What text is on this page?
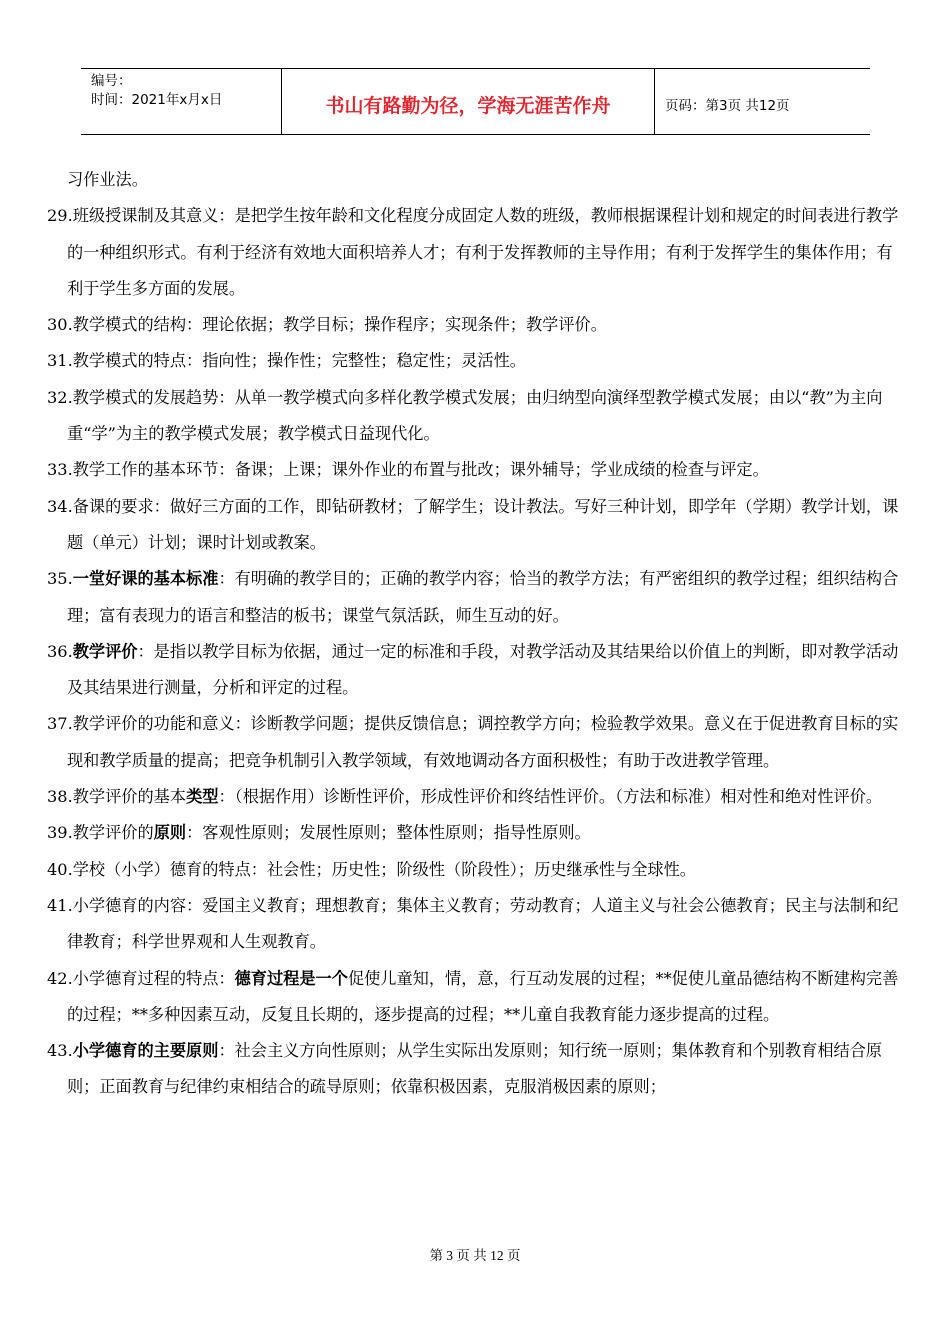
编号：
时间：2021年x月x日	书山有路勤为径，学海无涯苦作舟	页码：第3页 共12页

习作业法。

29.班级授课制及其意义：是把学生按年龄和文化程度分成固定人数的班级，教师根据课程计划和规定的时间表进行教学的一种组织形式。有利于经济有效地大面积培养人才；有利于发挥教师的主导作用；有利于发挥学生的集体作用；有利于学生多方面的发展。

30.教学模式的结构：理论依据；教学目标；操作程序；实现条件；教学评价。

31.教学模式的特点：指向性；操作性；完整性；稳定性；灵活性。

32.教学模式的发展趋势：从单一教学模式向多样化教学模式发展；由归纳型向演绎型教学模式发展；由以“教”为主向重“学”为主的教学模式发展；教学模式日益现代化。

33.教学工作的基本环节：备课；上课；课外作业的布置与批改；课外辅导；学业成绩的检查与评定。

34.备课的要求：做好三方面的工作，即钻研教材；了解学生；设计教法。写好三种计划，即学年（学期）教学计划，课题（单元）计划；课时计划或教案。

35.一堂好课的基本标准：有明确的教学目的；正确的教学内容；恰当的教学方法；有严密组织的教学过程；组织结构合理；富有表现力的语言和整洁的板书；课堂气氛活跃，师生互动的好。

36.教学评价：是指以教学目标为依据，通过一定的标准和手段，对教学活动及其结果给以价值上的判断，即对教学活动及其结果进行测量，分析和评定的过程。

37.教学评价的功能和意义：诊断教学问题；提供反馈信息；调控教学方向；检验教学效果。意义在于促进教育目标的实现和教学质量的提高；把竞争机制引入教学领域，有效地调动各方面积极性；有助于改进教学管理。

38.教学评价的基本类型：（根据作用）诊断性评价，形成性评价和终结性评价。（方法和标准）相对性和绝对性评价。

39.教学评价的原则：客观性原则；发展性原则；整体性原则；指导性原则。

40.学校（小学）德育的特点：社会性；历史性；阶级性（阶段性）；历史继承性与全球性。

41.小学德育的内容：爱国主义教育；理想教育；集体主义教育；劳动教育；人道主义与社会公德教育；民主与法制和纪律教育；科学世界观和人生观教育。

42.小学德育过程的特点：德育过程是一个促使儿童知，情，意，行互动发展的过程；**促使儿童品德结构不断建构完善的过程；**多种因素互动，反复且长期的，逐步提高的过程；**儿童自我教育能力逐步提高的过程。

43.小学德育的主要原则：社会主义方向性原则；从学生实际出发原则；知行统一原则；集体教育和个别教育相结合原则；正面教育与纪律约束相结合的疏导原则；依靠积极因素，克服消极因素的原则；

第 3 页 共 12 页
